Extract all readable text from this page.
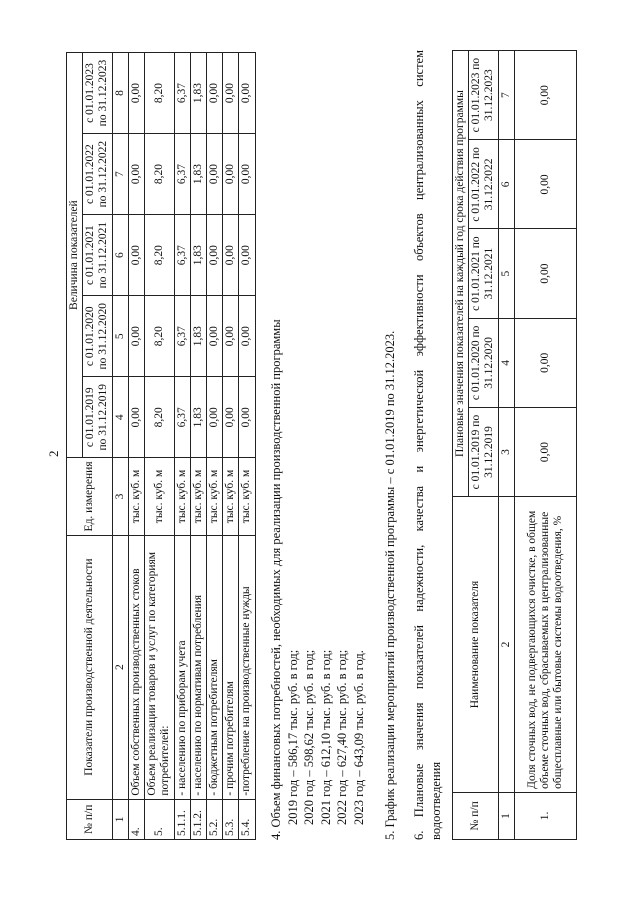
2
№ п/п	Показатели производственной деятельности	Ед. измерения	Величина показателей				
			с 01.01.2019 по 31.12.2019	с 01.01.2020 по 31.12.2020	с 01.01.2021 по 31.12.2021	с 01.01.2022 по 31.12.2022	с 01.01.2023 по 31.12.2023
1	2	3	4	5	6	7	8
4.	Объем собственных производственных стоков	тыс. куб. м	0,00	0,00	0,00	0,00	0,00
5.	Объем реализации товаров и услуг по категориям потребителей:	тыс. куб. м	8,20	8,20	8,20	8,20	8,20
5.1.1.	- населению по приборам учета	тыс. куб. м	6,37	6,37	6,37	6,37	6,37
5.1.2.	- населению по нормативам потребления	тыс. куб. м	1,83	1,83	1,83	1,83	1,83
5.2.	- бюджетным потребителям	тыс. куб. м	0,00	0,00	0,00	0,00	0,00
5.3.	- прочим потребителям	тыс. куб. м	0,00	0,00	0,00	0,00	0,00
5.4.	-потребление на производственные нужды	тыс. куб. м	0,00	0,00	0,00	0,00	0,00
4. Объем финансовых потребностей, необходимых для реализации производственной программы 2019 год – 586,17 тыс. руб. в год; 2020 год – 598,62 тыс. руб. в год; 2021 год – 612,10 тыс. руб. в год; 2022 год – 627,40 тыс. руб. в год; 2023 год – 643,09 тыс. руб. в год. 5. График реализации мероприятий производственной программы – с 01.01.2019 по 31.12.2023. 6. Плановые значения показателей надежности, качества и энергетической эффективности объектов централизованных систем водоотведения № п/п	Наименование показателя	Плановые значения показателей на каждый год срока действия программы				
		с 01.01.2019 по 31.12.2019	с 01.01.2020 по 31.12.2020	с 01.01.2021 по 31.12.2021	с 01.01.2022 по 31.12.2022	с 01.01.2023 по 31.12.2023
1	2	3	4	5	6	7
1.	Доля сточных вод, не подвергающихся очистке, в общем объеме сточных вод, сбрасываемых в централизованные общесплавные или бытовые системы водоотведения, %	0,00	0,00	0,00	0,00	0,00
